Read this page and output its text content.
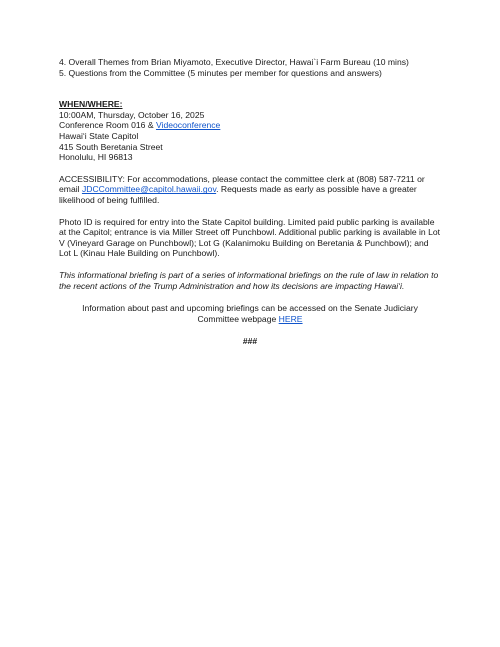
4. Overall Themes from Brian Miyamoto, Executive Director, Hawai`i Farm Bureau (10 mins)

5. Questions from the Committee (5 minutes per member for questions and answers)

WHEN/WHERE:

10:00AM, Thursday, October 16, 2025

Conference Room 016 & Videoconference

Hawai‘i State Capitol

415 South Beretania Street

Honolulu, HI 96813

ACCESSIBILITY: For accommodations, please contact the committee clerk at (808) 587-7211 or email JDCCommittee@capitol.hawaii.gov. Requests made as early as possible have a greater likelihood of being fulfilled.

Photo ID is required for entry into the State Capitol building. Limited paid public parking is available at the Capitol; entrance is via Miller Street off Punchbowl. Additional public parking is available in Lot V (Vineyard Garage on Punchbowl); Lot G (Kalanimoku Building on Beretania & Punchbowl); and Lot L (Kinau Hale Building on Punchbowl).

This informational briefing is part of a series of informational briefings on the rule of law in relation to the recent actions of the Trump Administration and how its decisions are impacting Hawai‘i.

Information about past and upcoming briefings can be accessed on the Senate Judiciary Committee webpage HERE

###
